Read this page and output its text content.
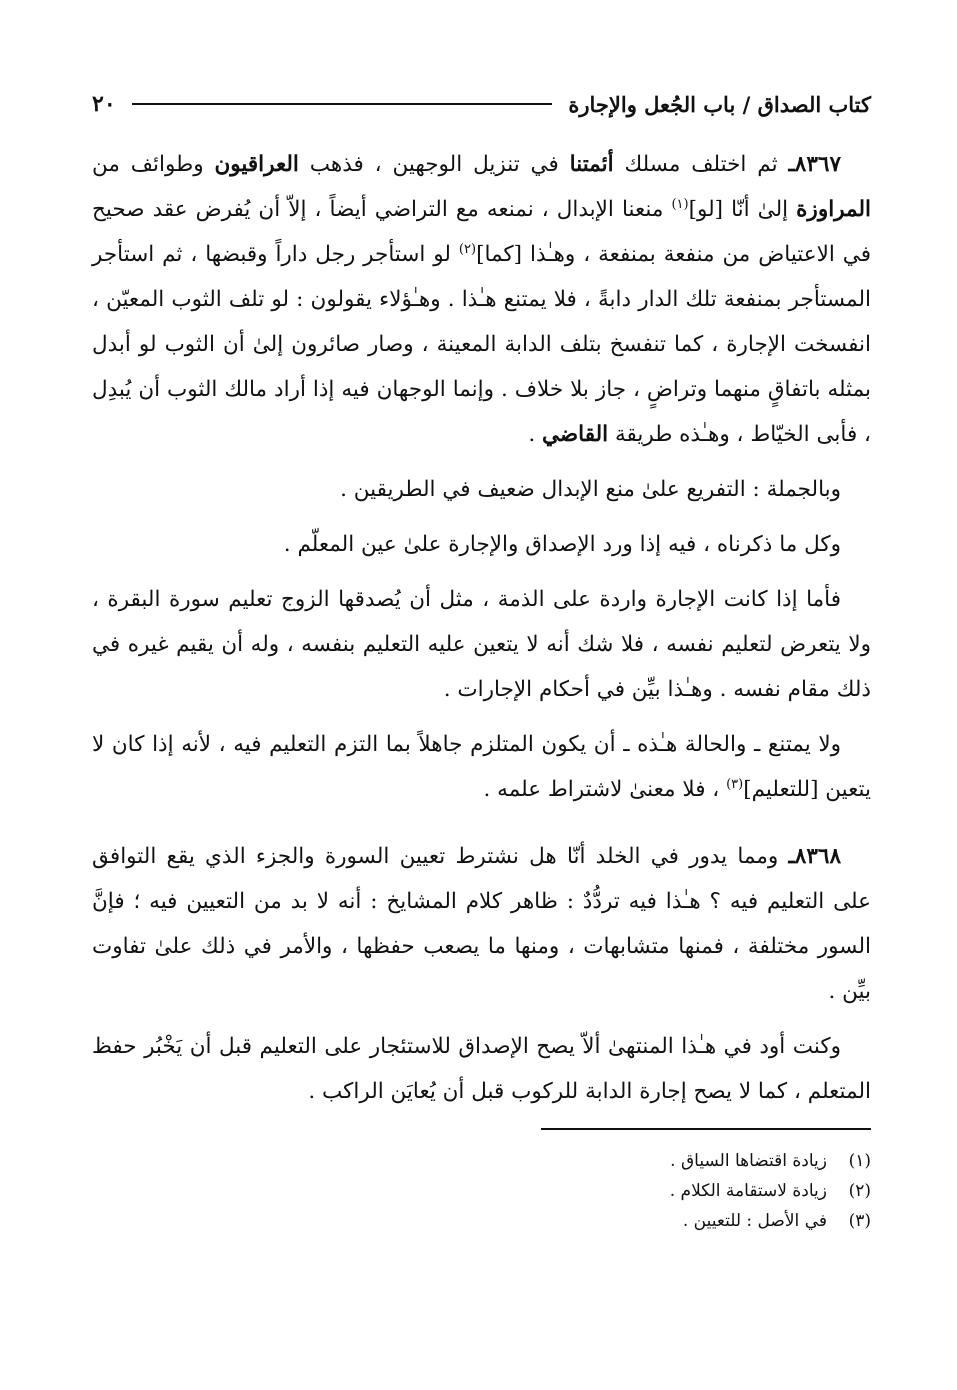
كتاب الصداق / باب الجُعل والإجارة
٢٠

٨٣٦٧ـ ثم اختلف مسلك أئمتنا في تنزيل الوجهين ، فذهب العراقيون وطوائف من المراوزة إلىٰ أنّا [لو]$^{(١)}$ منعنا الإبدال ، نمنعه مع التراضي أيضاً ، إلاّ أن يُفرض عقد صحيح في الاعتياض من منفعة بمنفعة ، وهـٰذا [كما]$^{(٢)}$ لو استأجر رجل داراً وقبضها ، ثم استأجر المستأجر بمنفعة تلك الدار دابةً ، فلا يمتنع هـٰذا . وهـٰؤلاء يقولون : لو تلف الثوب المعيّن ، انفسخت الإجارة ، كما تنفسخ بتلف الدابة المعينة ، وصار صائرون إلىٰ أن الثوب لو أبدل بمثله باتفاقٍ منهما وتراضٍ ، جاز بلا خلاف . وإنما الوجهان فيه إذا أراد مالك الثوب أن يُبدِل ، فأبى الخيّاط ، وهـٰذه طريقة القاضي .

وبالجملة : التفريع علىٰ منع الإبدال ضعيف في الطريقين .

وكل ما ذكرناه ، فيه إذا ورد الإصداق والإجارة علىٰ عين المعلّم .

فأما إذا كانت الإجارة واردة على الذمة ، مثل أن يُصدقها الزوج تعليم سورة البقرة ، ولا يتعرض لتعليم نفسه ، فلا شك أنه لا يتعين عليه التعليم بنفسه ، وله أن يقيم غيره في ذلك مقام نفسه . وهـٰذا بيِّن في أحكام الإجارات .

ولا يمتنع ـ والحالة هـٰذه ـ أن يكون المتلزم جاهلاً بما التزم التعليم فيه ، لأنه إذا كان لا يتعين [للتعليم]$^{(٣)}$ ، فلا معنىٰ لاشتراط علمه .

٨٣٦٨ـ ومما يدور في الخلد أنّا هل نشترط تعيين السورة والجزء الذي يقع التوافق على التعليم فيه ؟ هـٰذا فيه تردُّدٌ : ظاهر كلام المشايخ : أنه لا بد من التعيين فيه ؛ فإنَّ السور مختلفة ، فمنها متشابهات ، ومنها ما يصعب حفظها ، والأمر في ذلك علىٰ تفاوت بيِّن .

وكنت أود في هـٰذا المنتهىٰ ألاّ يصح الإصداق للاستئجار على التعليم قبل أن يَخْبُر حفظ المتعلم ، كما لا يصح إجارة الدابة للركوب قبل أن يُعايَن الراكب .

(١)
زيادة اقتضاها السياق .
(٢)
زيادة لاستقامة الكلام .
(٣)
في الأصل : للتعيين .
